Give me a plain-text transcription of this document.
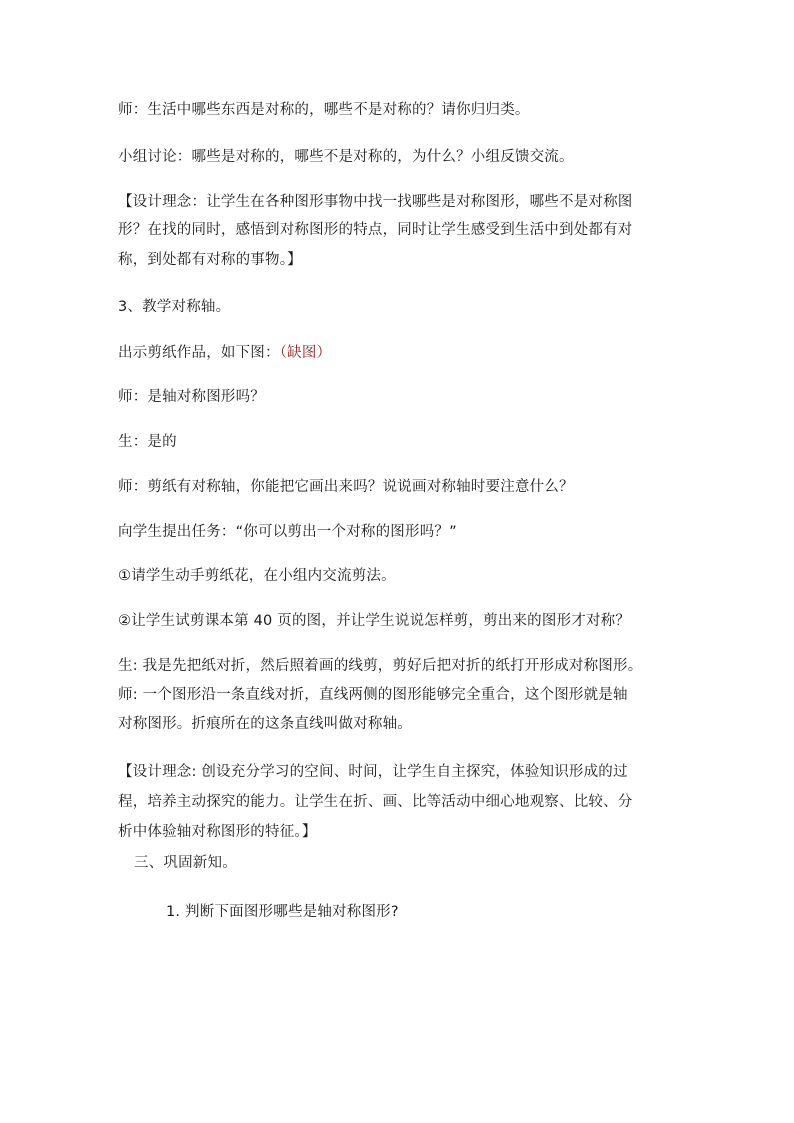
师：生活中哪些东西是对称的，哪些不是对称的？请你归归类。
小组讨论：哪些是对称的，哪些不是对称的，为什么？小组反馈交流。
【设计理念：让学生在各种图形事物中找一找哪些是对称图形，哪些不是对称图
形？在找的同时，感悟到对称图形的特点，同时让学生感受到生活中到处都有对
称，到处都有对称的事物。】
3、教学对称轴。
出示剪纸作品，如下图：（缺图）
师：是轴对称图形吗？
生：是的
师：剪纸有对称轴，你能把它画出来吗？说说画对称轴时要注意什么？
向学生提出任务：“你可以剪出一个对称的图形吗？”
①请学生动手剪纸花，在小组内交流剪法。
②让学生试剪课本第 40 页的图，并让学生说说怎样剪，剪出来的图形才对称？
生: 我是先把纸对折，然后照着画的线剪，剪好后把对折的纸打开形成对称图形。
师: 一个图形沿一条直线对折，直线两侧的图形能够完全重合，这个图形就是轴
对称图形。折痕所在的这条直线叫做对称轴。
【设计理念: 创设充分学习的空间、时间，让学生自主探究，体验知识形成的过
程，培养主动探究的能力。让学生在折、画、比等活动中细心地观察、比较、分
析中体验轴对称图形的特征。】
三、巩固新知。
1. 判断下面图形哪些是轴对称图形?
